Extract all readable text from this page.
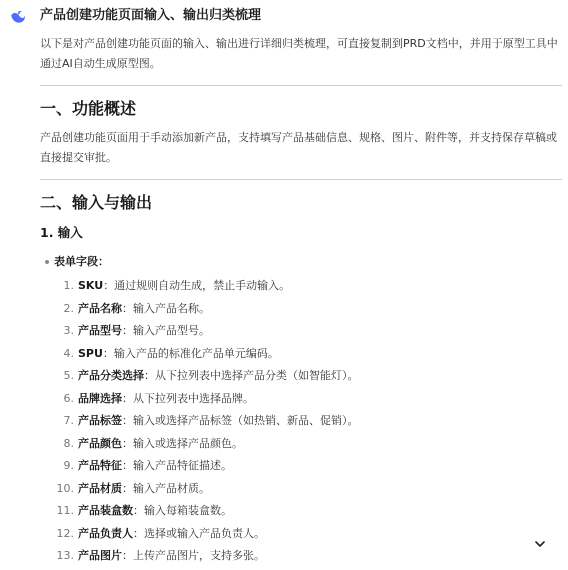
产品创建功能页面输入、输出归类梳理

以下是对产品创建功能页面的输入、输出进行详细归类梳理，可直接复制到PRD文档中，并用于原型工具中通过AI自动生成原型图。

一、功能概述

产品创建功能页面用于手动添加新产品，支持填写产品基础信息、规格、图片、附件等，并支持保存草稿或直接提交审批。

二、输入与输出
1. 输入
表单字段：
1. SKU：通过规则自动生成，禁止手动输入。
2. 产品名称：输入产品名称。
3. 产品型号：输入产品型号。
4. SPU：输入产品的标准化产品单元编码。
5. 产品分类选择：从下拉列表中选择产品分类（如智能灯）。
6. 品牌选择：从下拉列表中选择品牌。
7. 产品标签：输入或选择产品标签（如热销、新品、促销）。
8. 产品颜色：输入或选择产品颜色。
9. 产品特征：输入产品特征描述。
10. 产品材质：输入产品材质。
11. 产品装盒数：输入每箱装盒数。
12. 产品负责人：选择或输入产品负责人。
13. 产品图片：上传产品图片，支持多张。
